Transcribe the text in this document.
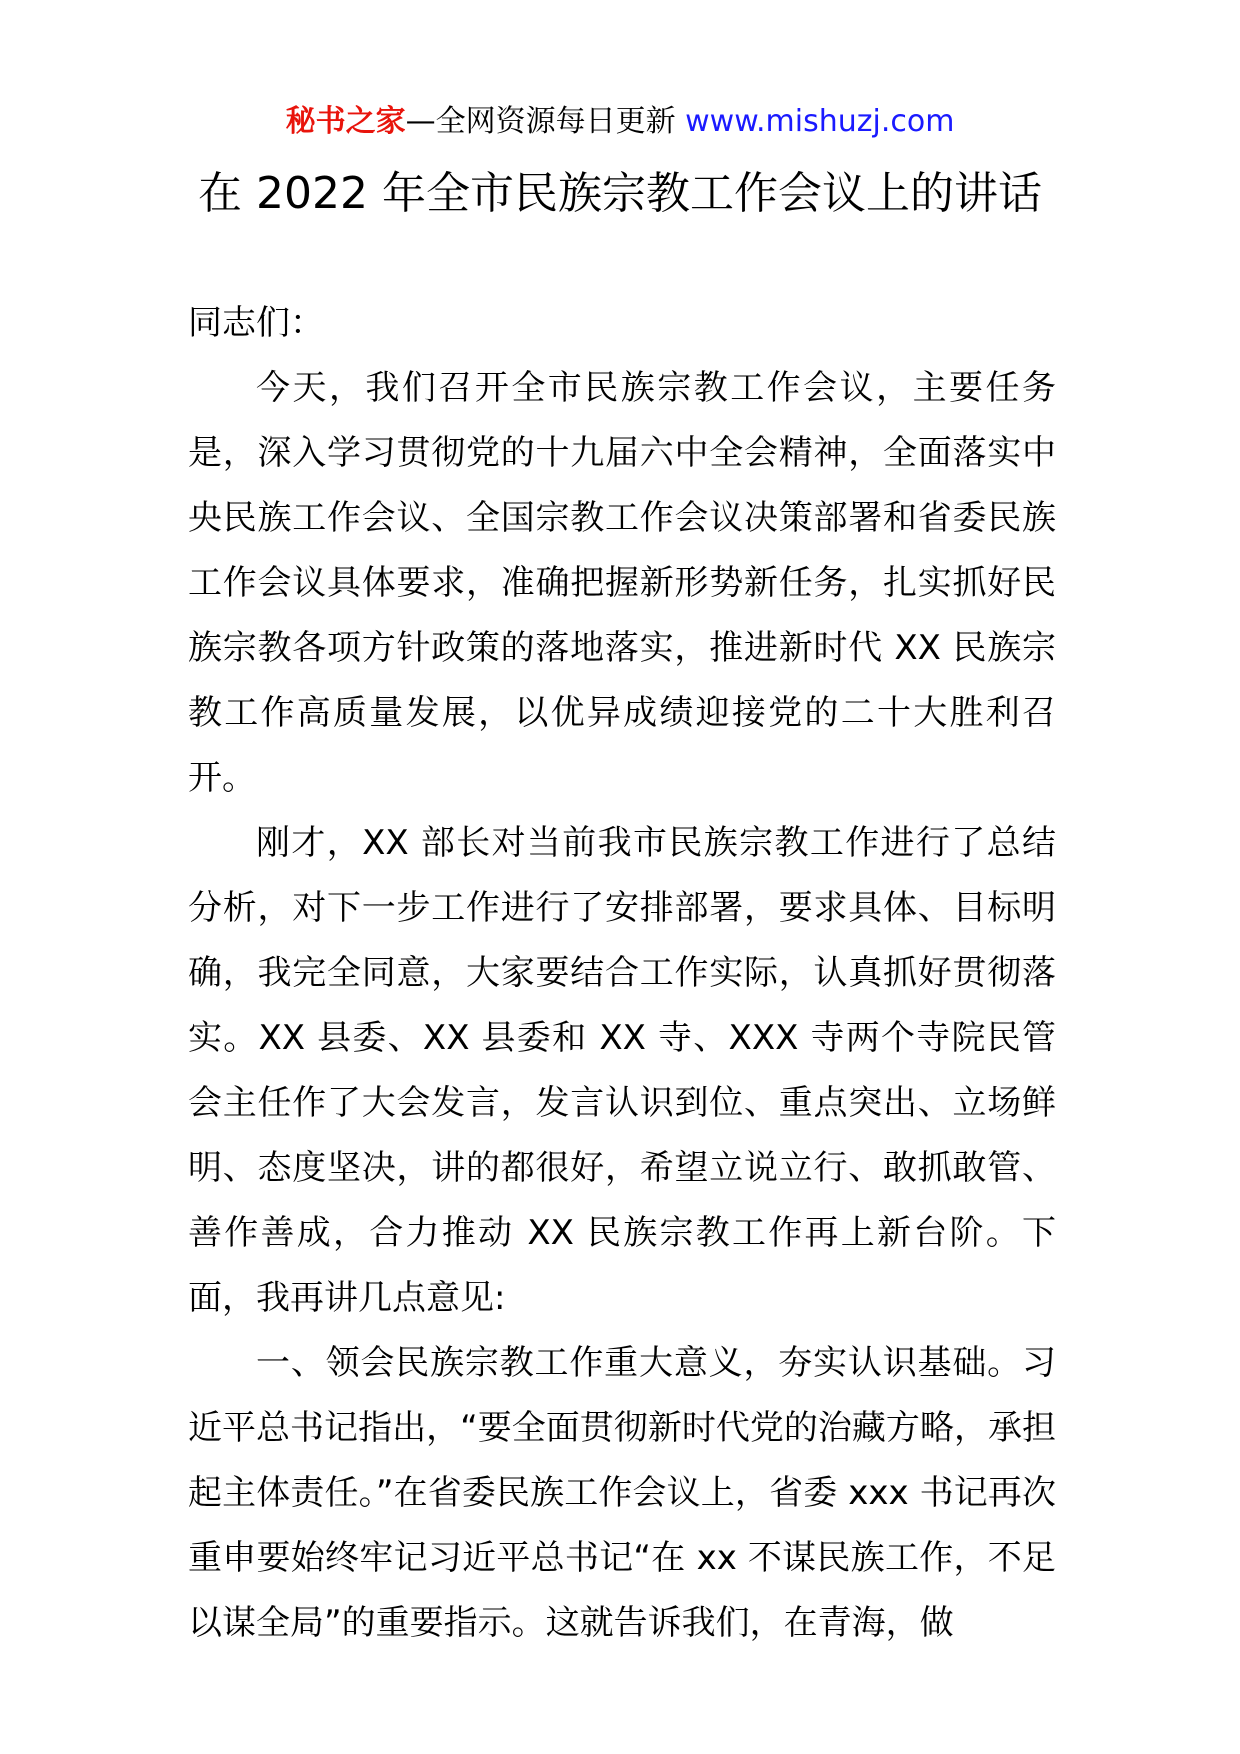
秘书之家—全网资源每日更新 www.mishuzj.com
在 2022 年全市民族宗教工作会议上的讲话

同志们：

今天，我们召开全市民族宗教工作会议，主要任务是，深入学习贯彻党的十九届六中全会精神，全面落实中央民族工作会议、全国宗教工作会议决策部署和省委民族工作会议具体要求，准确把握新形势新任务，扎实抓好民族宗教各项方针政策的落地落实，推进新时代 XX 民族宗教工作高质量发展，以优异成绩迎接党的二十大胜利召开。

刚才，XX 部长对当前我市民族宗教工作进行了总结分析，对下一步工作进行了安排部署，要求具体、目标明确，我完全同意，大家要结合工作实际，认真抓好贯彻落实。XX 县委、XX 县委和 XX 寺、XXX 寺两个寺院民管会主任作了大会发言，发言认识到位、重点突出、立场鲜明、态度坚决，讲的都很好，希望立说立行、敢抓敢管、善作善成，合力推动 XX 民族宗教工作再上新台阶。下面，我再讲几点意见:

一、领会民族宗教工作重大意义，夯实认识基础。习近平总书记指出，“要全面贯彻新时代党的治藏方略，承担起主体责任。”在省委民族工作会议上，省委 xxx 书记再次重申要始终牢记习近平总书记“在 xx 不谋民族工作，不足以谋全局”的重要指示。这就告诉我们，在青海，做
